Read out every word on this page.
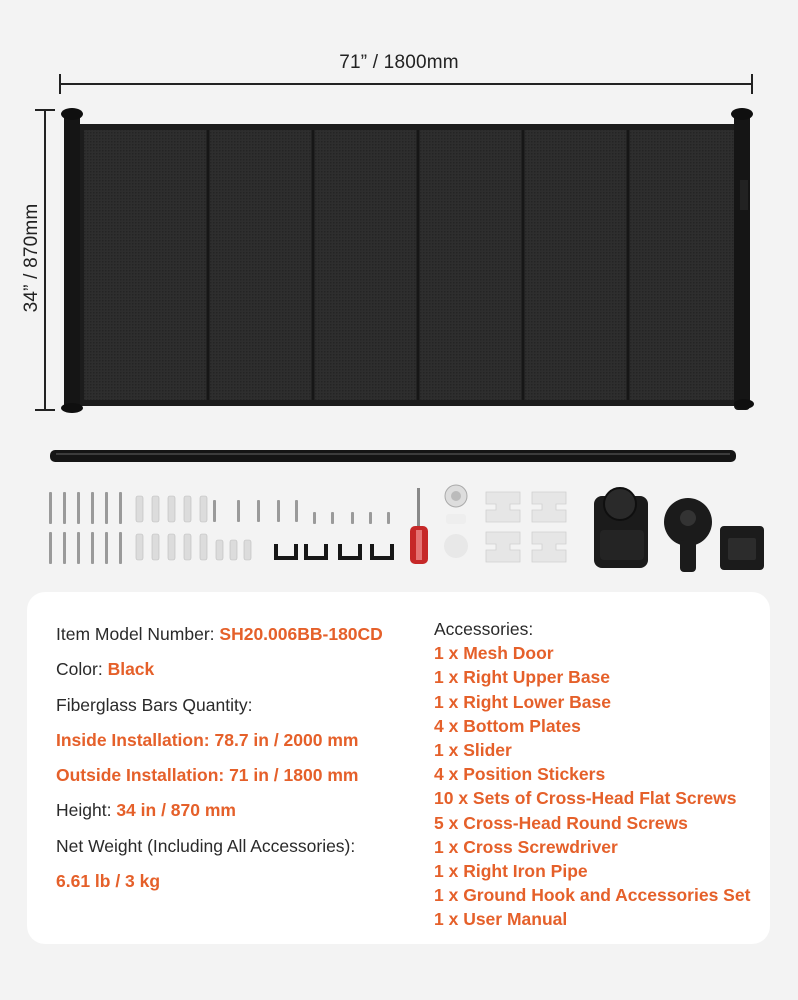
71” / 1800mm
34” / 870mm
Item Model Number: SH20.006BB-180CD
Color: Black
Fiberglass Bars Quantity:
Inside Installation: 78.7 in / 2000 mm
Outside Installation: 71 in / 1800 mm
Height: 34 in / 870 mm
Net Weight (Including All Accessories):
6.61 lb / 3 kg
Accessories:
1 x Mesh Door
1 x Right Upper Base
1 x Right Lower Base
4 x Bottom Plates
1 x Slider
4 x Position Stickers
10 x Sets of Cross-Head Flat Screws
5 x Cross-Head Round Screws
1 x Cross Screwdriver
1 x Right Iron Pipe
1 x Ground Hook and Accessories Set
1 x User Manual
